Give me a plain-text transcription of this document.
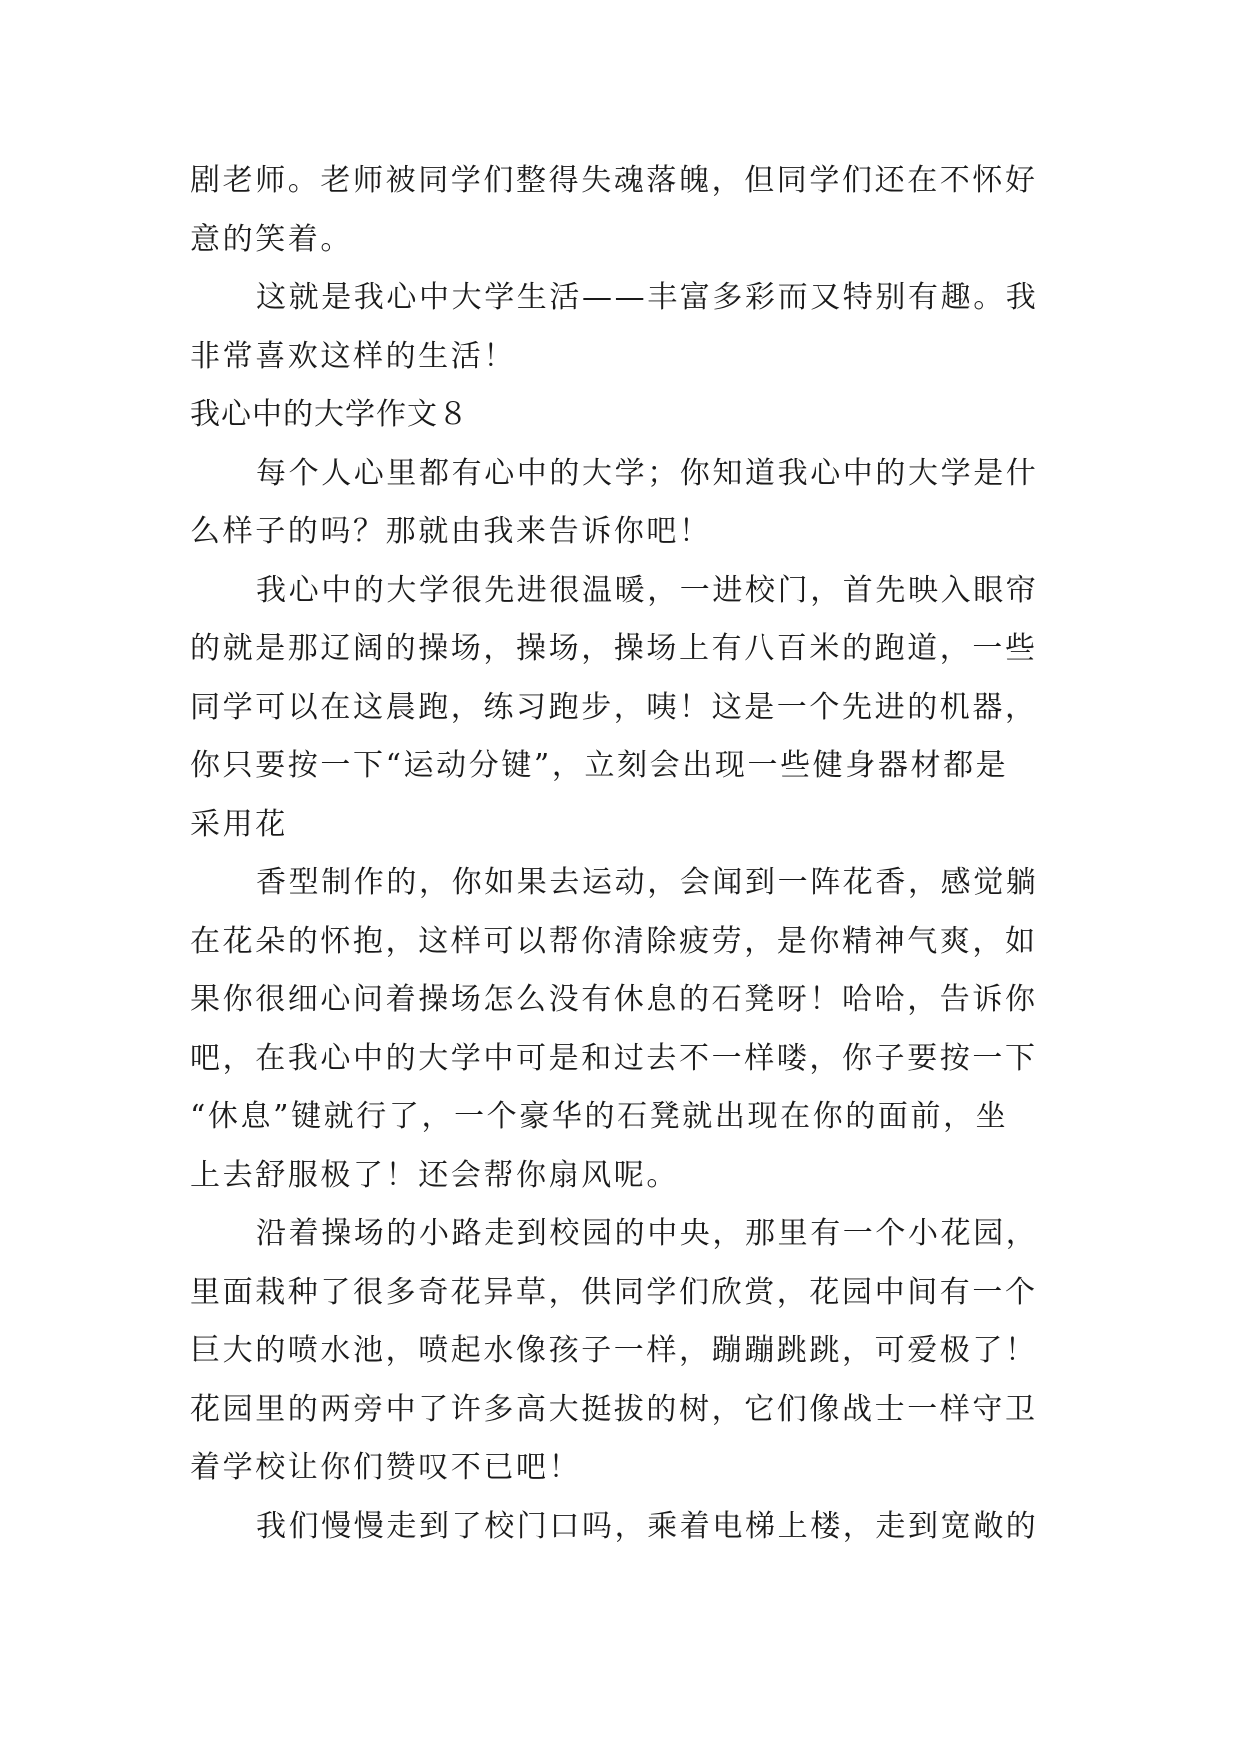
剧老师。老师被同学们整得失魂落魄，但同学们还在不怀好
意的笑着。
这就是我心中大学生活——丰富多彩而又特别有趣。我
非常喜欢这样的生活！
我心中的大学作文８
每个人心里都有心中的大学；你知道我心中的大学是什
么样子的吗？那就由我来告诉你吧！
我心中的大学很先进很温暖，一进校门，首先映入眼帘
的就是那辽阔的操场，操场，操场上有八百米的跑道，一些
同学可以在这晨跑，练习跑步，咦！这是一个先进的机器，
你只要按一下“运动分键”，立刻会出现一些健身器材都是
采用花
香型制作的，你如果去运动，会闻到一阵花香，感觉躺
在花朵的怀抱，这样可以帮你清除疲劳，是你精神气爽，如
果你很细心问着操场怎么没有休息的石凳呀！哈哈，告诉你
吧，在我心中的大学中可是和过去不一样喽，你子要按一下
“休息”键就行了，一个豪华的石凳就出现在你的面前，坐
上去舒服极了！还会帮你扇风呢。
沿着操场的小路走到校园的中央，那里有一个小花园，
里面栽种了很多奇花异草，供同学们欣赏，花园中间有一个
巨大的喷水池，喷起水像孩子一样，蹦蹦跳跳，可爱极了！
花园里的两旁中了许多高大挺拔的树，它们像战士一样守卫
着学校让你们赞叹不已吧！
我们慢慢走到了校门口吗，乘着电梯上楼，走到宽敞的
